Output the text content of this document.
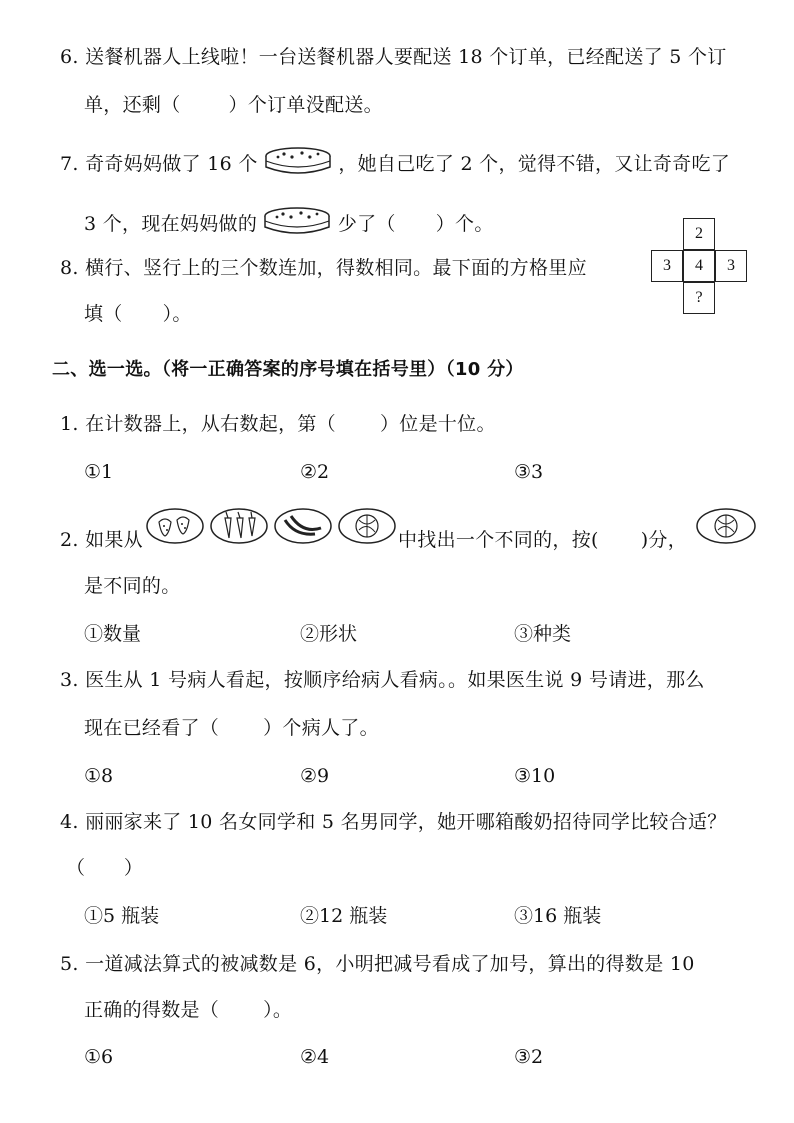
6. 送餐机器人上线啦！一台送餐机器人要配送 18 个订单，已经配送了 5 个订
单，还剩（	）个订单没配送。
7. 奇奇妈妈做了 16 个	，她自己吃了 2 个，觉得不错，又让奇奇吃了
3 个，现在妈妈做的	少了（ ）个。
8. 横行、竖行上的三个数连加，得数相同。最下面的方格里应
填（ ）。
2
3	4	3
?
二、选一选。（将一正确答案的序号填在括号里）（10 分）
1. 在计数器上，从右数起，第（ ）位是十位。
①1	②2	③3
2. 如果从	中找出一个不同的，按( )分，
是不同的。
①数量	②形状	③种类
3. 医生从 1 号病人看起，按顺序给病人看病。。如果医生说 9 号请进，那么
现在已经看了（ ）个病人了。
①8	②9	③10
4. 丽丽家来了 10 名女同学和 5 名男同学，她开哪箱酸奶招待同学比较合适？
（　　）
①5 瓶装	②12 瓶装	③16 瓶装
5. 一道减法算式的被减数是 6，小明把减号看成了加号，算出的得数是 10
正确的得数是（ ）。
①6	②4	③2
